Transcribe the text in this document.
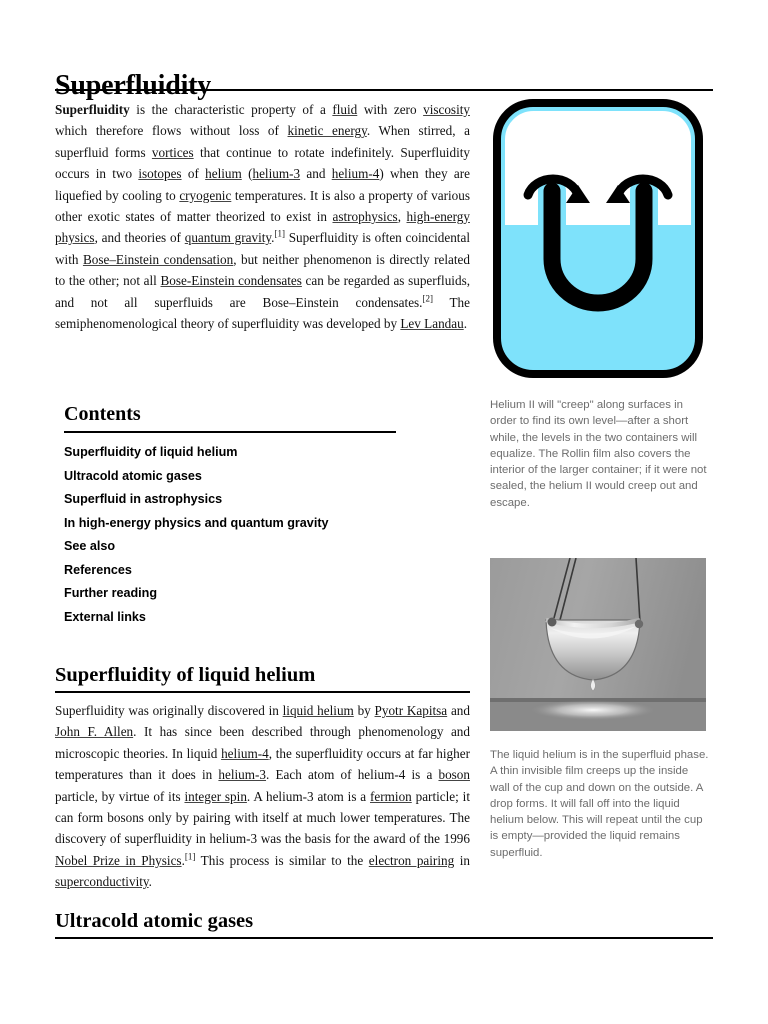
Superfluidity

Superfluidity is the characteristic property of a fluid with zero viscosity which therefore flows without loss of kinetic energy. When stirred, a superfluid forms vortices that continue to rotate indefinitely. Superfluidity occurs in two isotopes of helium (helium-3 and helium-4) when they are liquefied by cooling to cryogenic temperatures. It is also a property of various other exotic states of matter theorized to exist in astrophysics, high-energy physics, and theories of quantum gravity.[1] Superfluidity is often coincidental with Bose–Einstein condensation, but neither phenomenon is directly related to the other; not all Bose-Einstein condensates can be regarded as superfluids, and not all superfluids are Bose–Einstein condensates.[2] The semiphenomenological theory of superfluidity was developed by Lev Landau.

Contents
Superfluidity of liquid helium
Ultracold atomic gases
Superfluid in astrophysics
In high-energy physics and quantum gravity
See also
References
Further reading
External links
Superfluidity of liquid helium

Superfluidity was originally discovered in liquid helium by Pyotr Kapitsa and John F. Allen. It has since been described through phenomenology and microscopic theories. In liquid helium-4, the superfluidity occurs at far higher temperatures than it does in helium-3. Each atom of helium-4 is a boson particle, by virtue of its integer spin. A helium-3 atom is a fermion particle; it can form bosons only by pairing with itself at much lower temperatures. The discovery of superfluidity in helium-3 was the basis for the award of the 1996 Nobel Prize in Physics.[1] This process is similar to the electron pairing in superconductivity.

Ultracold atomic gases

Helium II will "creep" along surfaces in order to find its own level—after a short while, the levels in the two containers will equalize. The Rollin film also covers the interior of the larger container; if it were not sealed, the helium II would creep out and escape.

The liquid helium is in the superfluid phase. A thin invisible film creeps up the inside wall of the cup and down on the outside. A drop forms. It will fall off into the liquid helium below. This will repeat until the cup is empty—provided the liquid remains superfluid.
